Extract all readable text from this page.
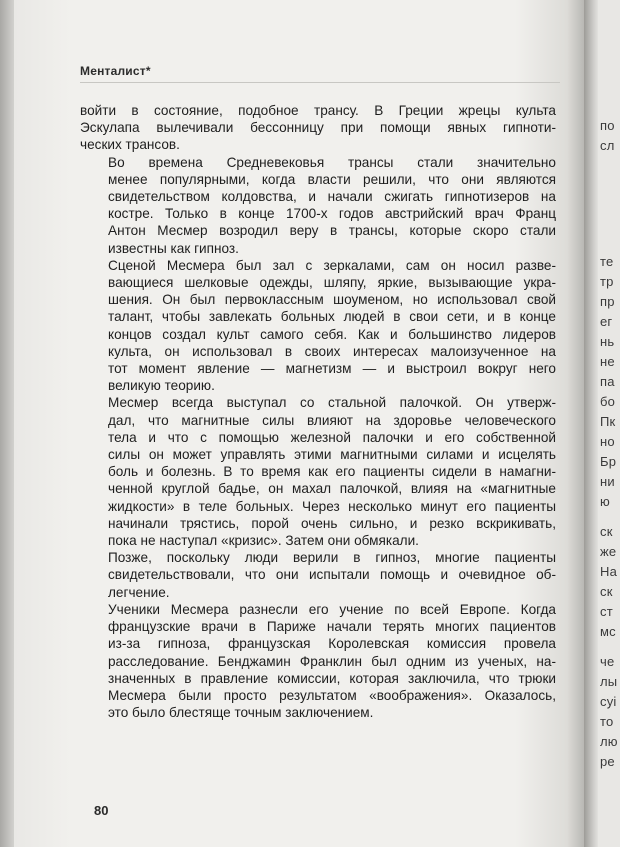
Менталист*

войти в состояние, подобное трансу. В Греции жрецы культа
Эскулапа вылечивали бессонницу при помощи явных гипноти-
ческих трансов.

Во времена Средневековья трансы стали значительно
менее популярными, когда власти решили, что они являются
свидетельством колдовства, и начали сжигать гипнотизеров на
костре. Только в конце 1700-х годов австрийский врач Франц
Антон Месмер возродил веру в трансы, которые скоро стали
известны как гипноз.

Сценой Месмера был зал с зеркалами, сам он носил разве-
вающиеся шелковые одежды, шляпу, яркие, вызывающие укра-
шения. Он был первоклассным шоуменом, но использовал свой
талант, чтобы завлекать больных людей в свои сети, и в конце
концов создал культ самого себя. Как и большинство лидеров
культа, он использовал в своих интересах малоизученное на
тот момент явление — магнетизм — и выстроил вокруг него
великую теорию.

Месмер всегда выступал со стальной палочкой. Он утверж-
дал, что магнитные силы влияют на здоровье человеческого
тела и что с помощью железной палочки и его собственной
силы он может управлять этими магнитными силами и исцелять
боль и болезнь. В то время как его пациенты сидели в намагни-
ченной круглой бадье, он махал палочкой, влияя на «магнитные
жидкости» в теле больных. Через несколько минут его пациенты
начинали трястись, порой очень сильно, и резко вскрикивать,
пока не наступал «кризис». Затем они обмякали.

Позже, поскольку люди верили в гипноз, многие пациенты
свидетельствовали, что они испытали помощь и очевидное об-
легчение.

Ученики Месмера разнесли его учение по всей Европе. Когда
французские врачи в Париже начали терять многих пациентов
из-за гипноза, французская Королевская комиссия провела
расследование. Бенджамин Франклин был одним из ученых, на-
значенных в правление комиссии, которая заключила, что трюки
Месмера были просто результатом «воображения». Оказалось,
это было блестяще точным заключением.

80
по
сл
те
тр
пр
ег
нь
не
па
бо
Пк
но
Бр
ни
ю
ск
же
На
ск
ст
мс
че
лы
суі
то
лю
ре
